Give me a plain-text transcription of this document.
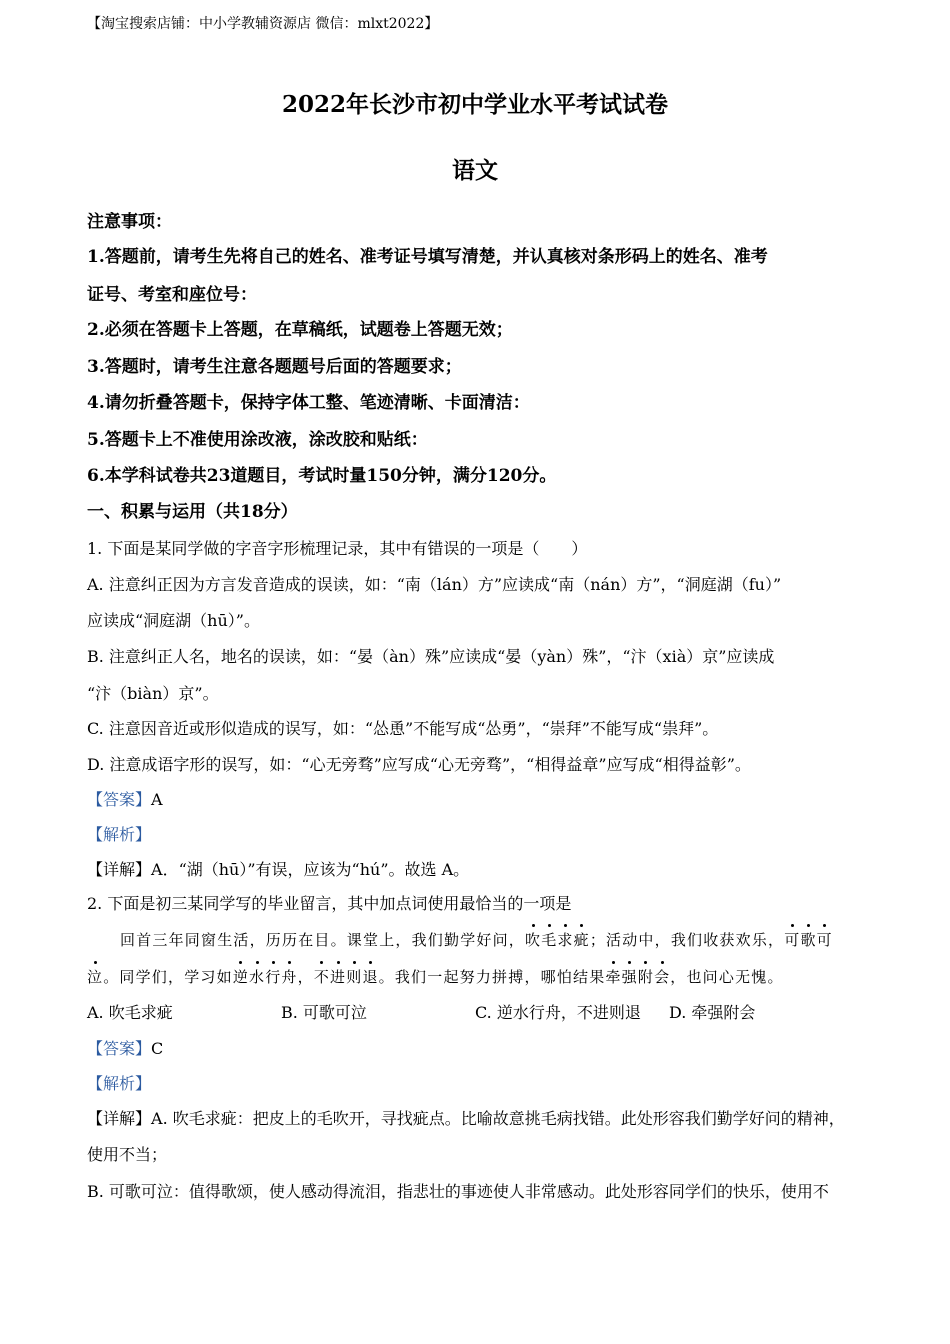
【淘宝搜索店铺：中小学教辅资源店 微信：mlxt2022】
2022年长沙市初中学业水平考试试卷
语文
注意事项：
1.答题前，请考生先将自己的姓名、准考证号填写清楚，并认真核对条形码上的姓名、准考
证号、考室和座位号：
2.必须在答题卡上答题，在草稿纸，试题卷上答题无效；
3.答题时，请考生注意各题题号后面的答题要求；
4.请勿折叠答题卡，保持字体工整、笔迹清晰、卡面清洁：
5.答题卡上不准使用涂改液，涂改胶和贴纸：
6.本学科试卷共23道题目，考试时量150分钟，满分120分。
一、积累与运用（共18分）
1. 下面是某同学做的字音字形梳理记录，其中有错误的一项是（　　）
A. 注意纠正因为方言发音造成的误读，如：“南（lán）方”应读成“南（nán）方”，“洞庭湖（fu）”
应读成“洞庭湖（hū）”。
B. 注意纠正人名，地名的误读，如：“晏（àn）殊”应读成“晏（yàn）殊”，“汴（xià）京”应读成
“汴（biàn）京”。
C. 注意因音近或形似造成的误写，如：“怂恿”不能写成“怂勇”，“崇拜”不能写成“祟拜”。
D. 注意成语字形的误写，如：“心无旁骛”应写成“心无旁骛”，“相得益章”应写成“相得益彰”。
【答案】A
【解析】
【详解】A．“湖（hū）”有误，应该为“hú”。故选 A。
2. 下面是初三某同学写的毕业留言，其中加点词使用最恰当的一项是
回首三年同窗生活，历历在目。课堂上，我们勤学好问，吹毛求疵；活动中，我们收获欢乐，可歌可
泣。同学们，学习如逆水行舟，不进则退。我们一起努力拼搏，哪怕结果牵强附会，也问心无愧。
A. 吹毛求疵	B. 可歌可泣	C. 逆水行舟，不进则退 D. 牵强附会
【答案】C
【解析】
【详解】A. 吹毛求疵：把皮上的毛吹开，寻找疵点。比喻故意挑毛病找错。此处形容我们勤学好问的精神，
使用不当；
B. 可歌可泣：值得歌颂，使人感动得流泪，指悲壮的事迹使人非常感动。此处形容同学们的快乐，使用不
